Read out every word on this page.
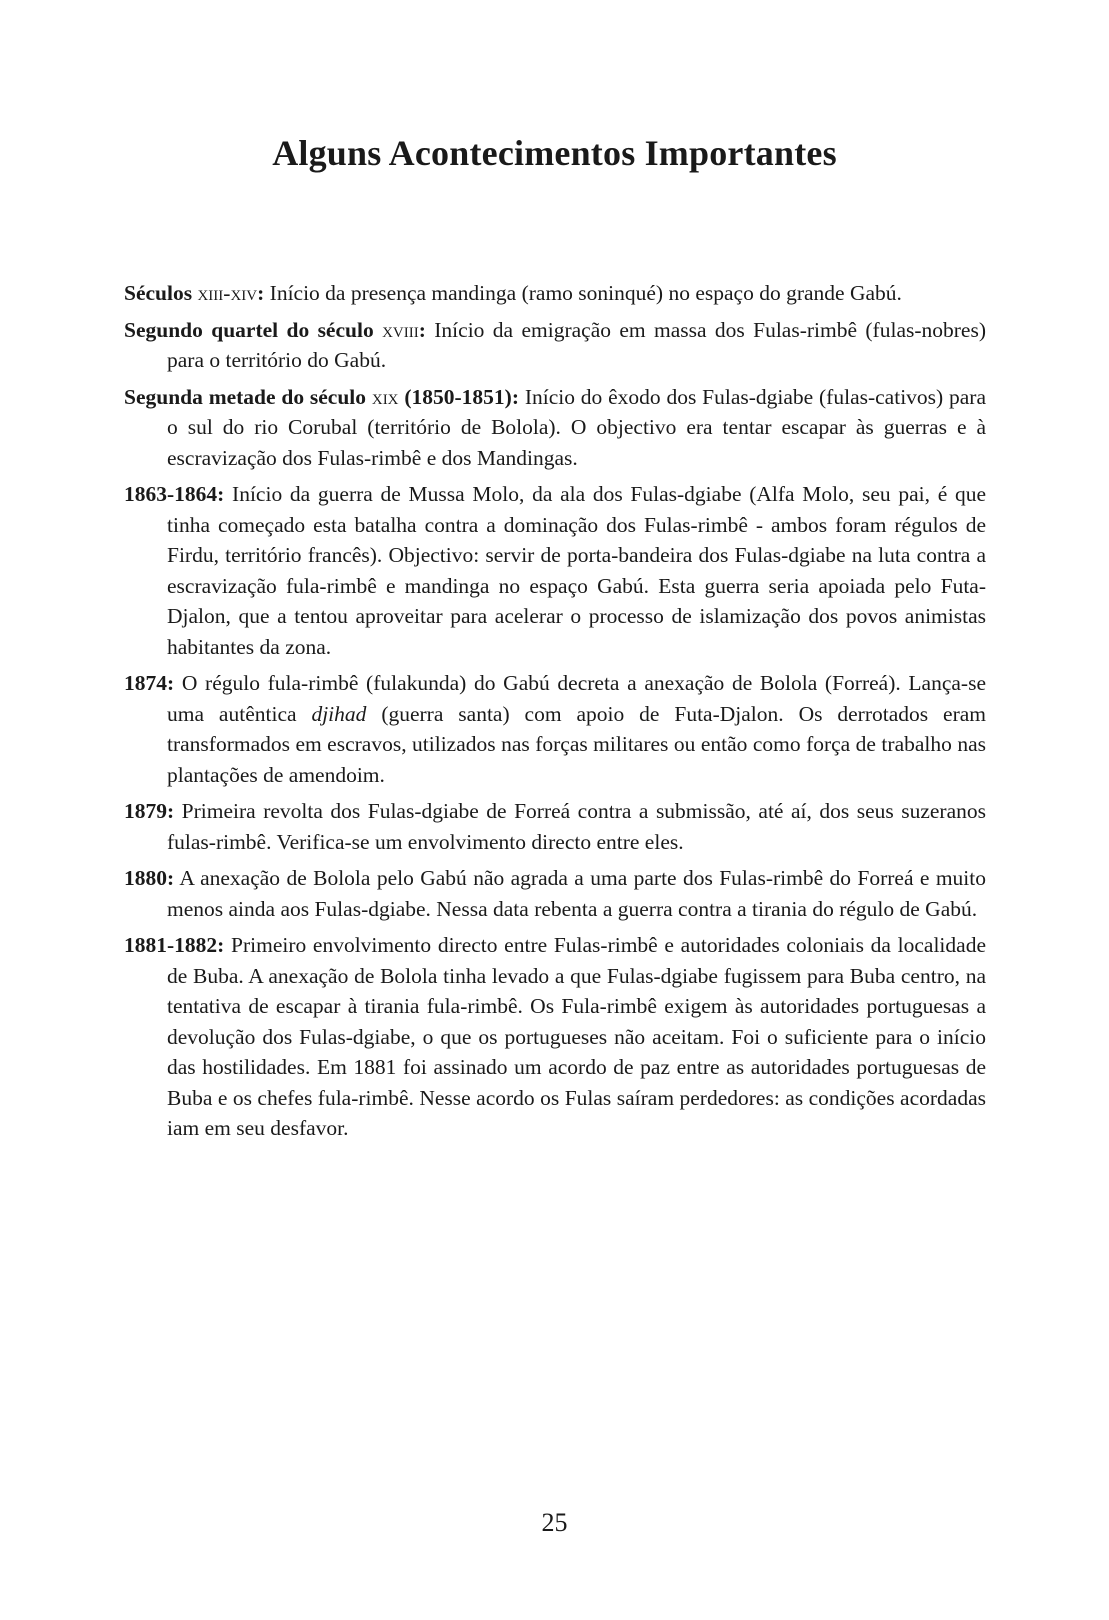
Alguns Acontecimentos Importantes

Séculos xiii-xiv: Início da presença mandinga (ramo soninqué) no espaço do grande Gabú.

Segundo quartel do século xviii: Início da emigração em massa dos Fulas-rimbê (fulas-nobres) para o território do Gabú.

Segunda metade do século xix (1850-1851): Início do êxodo dos Fulas-dgiabe (fulas-cativos) para o sul do rio Corubal (território de Bolola). O objectivo era tentar escapar às guerras e à escravização dos Fulas-rimbê e dos Mandingas.

1863-1864: Início da guerra de Mussa Molo, da ala dos Fulas-dgiabe (Alfa Molo, seu pai, é que tinha começado esta batalha contra a dominação dos Fulas-rimbê - ambos foram régulos de Firdu, território francês). Objectivo: servir de porta-bandeira dos Fulas-dgiabe na luta contra a escravização fula-rimbê e mandinga no espaço Gabú. Esta guerra seria apoiada pelo Futa-Djalon, que a tentou aproveitar para acelerar o processo de islamização dos povos animistas habitantes da zona.

1874: O régulo fula-rimbê (fulakunda) do Gabú decreta a anexação de Bolola (Forreá). Lança-se uma autêntica djihad (guerra santa) com apoio de Futa-Djalon. Os derrotados eram transformados em escravos, utilizados nas forças militares ou então como força de trabalho nas plantações de amendoim.

1879: Primeira revolta dos Fulas-dgiabe de Forreá contra a submissão, até aí, dos seus suzeranos fulas-rimbê. Verifica-se um envolvimento directo entre eles.

1880: A anexação de Bolola pelo Gabú não agrada a uma parte dos Fulas-rimbê do Forreá e muito menos ainda aos Fulas-dgiabe. Nessa data rebenta a guerra contra a tirania do régulo de Gabú.

1881-1882: Primeiro envolvimento directo entre Fulas-rimbê e autoridades coloniais da localidade de Buba. A anexação de Bolola tinha levado a que Fulas-dgiabe fugissem para Buba centro, na tentativa de escapar à tirania fula-rimbê. Os Fula-rimbê exigem às autoridades portuguesas a devolução dos Fulas-dgiabe, o que os portugueses não aceitam. Foi o suficiente para o início das hostilidades. Em 1881 foi assinado um acordo de paz entre as autoridades portuguesas de Buba e os chefes fula-rimbê. Nesse acordo os Fulas saíram perdedores: as condições acordadas iam em seu desfavor.

25
